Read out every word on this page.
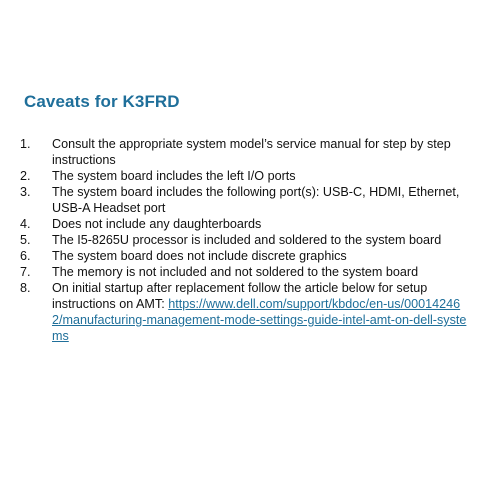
Caveats for K3FRD
1.	Consult the appropriate system model’s service manual for step by step instructions
2.	The system board includes the left I/O ports
3.	The system board includes the following port(s): USB-C, HDMI, Ethernet, USB-A Headset port
4.	Does not include any daughterboards
5.	The I5-8265U processor is included and soldered to the system board
6.	The system board does not include discrete graphics
7.	The memory is not included and not soldered to the system board
8.	On initial startup after replacement follow the article below for setup instructions on AMT: https://www.dell.com/support/kbdoc/en-us/000142462/manufacturing-management-mode-settings-guide-intel-amt-on-dell-systems
